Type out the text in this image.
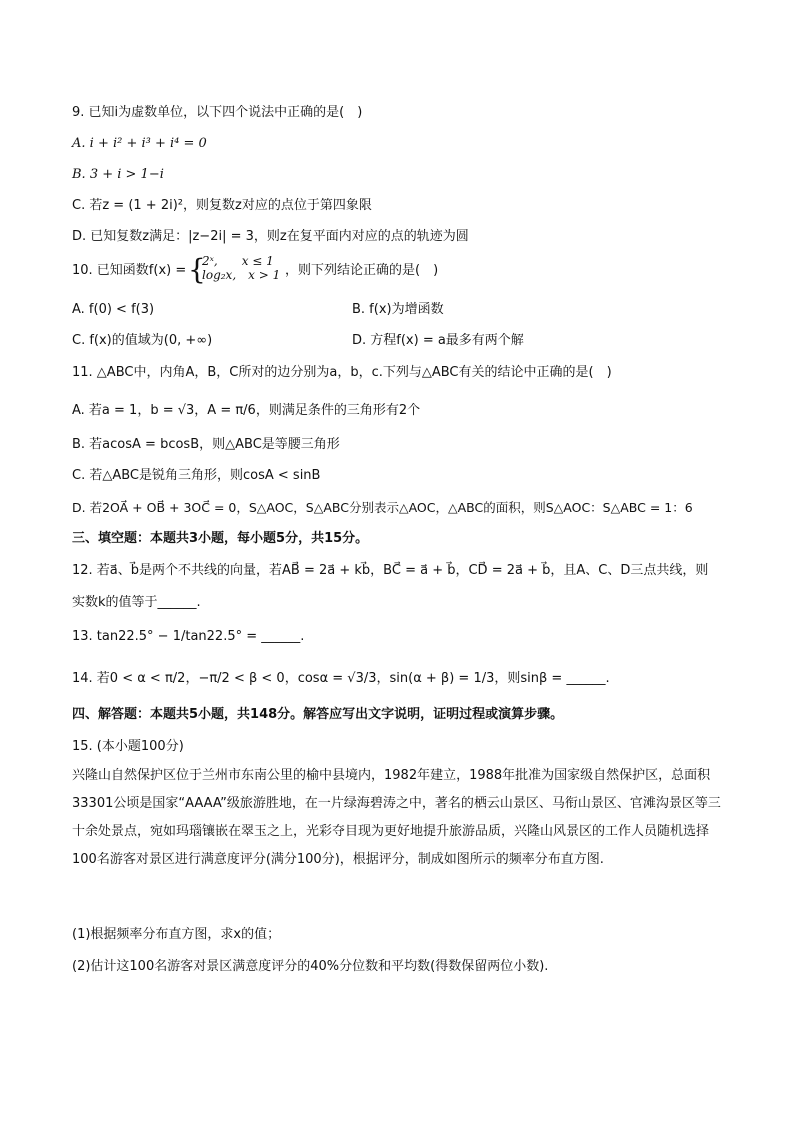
9. 已知i为虚数单位，以下四个说法中正确的是(　)
A. i + i² + i³ + i⁴ = 0
B. 3 + i > 1−i
C. 若z = (1 + 2i)²，则复数z对应的点位于第四象限
D. 已知复数z满足：|z−2i| = 3，则z在复平面内对应的点的轨迹为圆
10. 已知函数f(x) = {
2ˣ,　　x ≤ 1
log₂x,　x > 1 ，则下列结论正确的是(　)
A. f(0) < f(3)	B. f(x)为增函数
C. f(x)的值域为(0, +∞)	D. 方程f(x) = a最多有两个解
11. △ABC中，内角A，B，C所对的边分别为a，b，c.下列与△ABC有关的结论中正确的是(　)
A. 若a = 1，b = √3，A = π/6，则满足条件的三角形有2个
B. 若acosA = bcosB，则△ABC是等腰三角形
C. 若△ABC是锐角三角形，则cosA < sinB
D. 若2OA⃗ + OB⃗ + 3OC⃗ = 0，S△AOC，S△ABC分别表示△AOC，△ABC的面积，则S△AOC：S△ABC = 1：6
三、填空题：本题共3小题，每小题5分，共15分。
12. 若a⃗、b⃗是两个不共线的向量，若AB⃗ = 2a⃗ + kb⃗，BC⃗ = a⃗ + b⃗，CD⃗ = 2a⃗ + b⃗，且A、C、D三点共线，则
实数k的值等于______.
13. tan22.5° − 1/tan22.5° = ______.
14. 若0 < α < π/2，−π/2 < β < 0，cosα = √3/3，sin(α + β) = 1/3，则sinβ = ______.
四、解答题：本题共5小题，共148分。解答应写出文字说明，证明过程或演算步骤。
15. (本小题100分)
兴隆山自然保护区位于兰州市东南公里的榆中县境内，1982年建立，1988年批准为国家级自然保护区，总面积33301公顷是国家“AAAA”级旅游胜地，在一片绿海碧涛之中，著名的栖云山景区、马衔山景区、官滩沟景区等三十余处景点，宛如玛瑙镶嵌在翠玉之上，光彩夺目现为更好地提升旅游品质，兴隆山风景区的工作人员随机选择100名游客对景区进行满意度评分(满分100分)，根据评分，制成如图所示的频率分布直方图.
(1)根据频率分布直方图，求x的值；
(2)估计这100名游客对景区满意度评分的40%分位数和平均数(得数保留两位小数).
